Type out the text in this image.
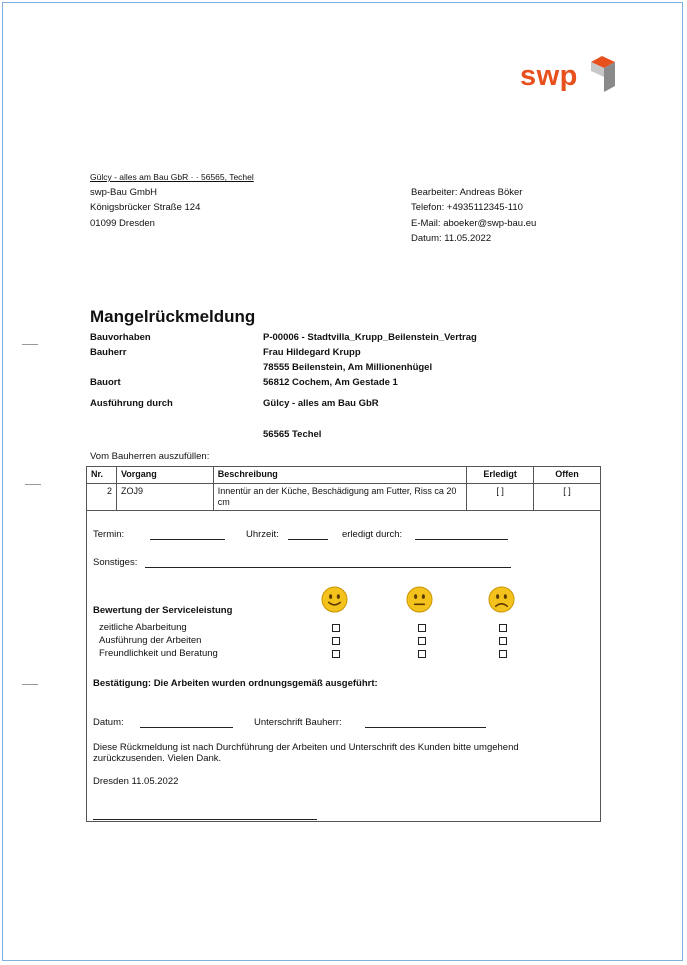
swp
Gülcy - alles am Bau GbR · · 56565, Techel
swp-Bau GmbH
Königsbrücker Straße 124
01099 Dresden
Bearbeiter: Andreas Böker
Telefon: +4935112345-110
E-Mail: aboeker@swp-bau.eu
Datum: 11.05.2022
Mangelrückmeldung
Bauvorhaben	P-00006 - Stadtvilla_Krupp_Beilenstein_Vertrag
Bauherr	Frau Hildegard Krupp
78555 Beilenstein, Am Millionenhügel
Bauort	56812 Cochem, Am Gestade 1
Ausführung durch	Gülcy - alles am Bau GbR
56565 Techel
Vom Bauherren auszufüllen:
Nr.	Vorgang	Beschreibung	Erledigt	Offen
2	ZOJ9	Innentür an der Küche, Beschädigung am Futter, Riss ca 20 cm	[ ]	[ ]
Termin:	Uhrzeit:	erledigt durch:
Sonstiges:
Bewertung der Serviceleistung
zeitliche Abarbeitung
Ausführung der Arbeiten
Freundlichkeit und Beratung
Bestätigung: Die Arbeiten wurden ordnungsgemäß ausgeführt:
Datum:	Unterschrift Bauherr:
Diese Rückmeldung ist nach Durchführung der Arbeiten und Unterschrift des Kunden bitte umgehend
zurückzusenden. Vielen Dank.
Dresden 11.05.2022
